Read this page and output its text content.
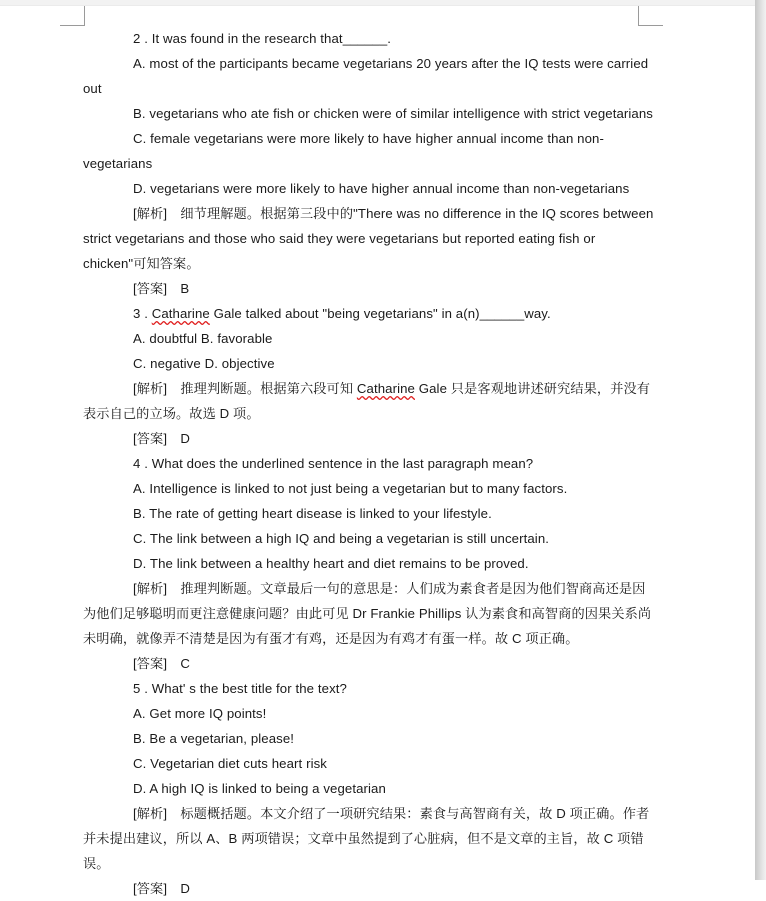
2 . It was found in the research that______.

A. most of the participants became vegetarians 20 years after the IQ tests were carried out

B. vegetarians who ate fish or chicken were of similar intelligence with strict vegetarians

C. female vegetarians were more likely to have higher annual income than non-vegetarians

D. vegetarians were more likely to have higher annual income than non-vegetarians

[解析]　细节理解题。根据第三段中的"There was no difference in the IQ scores between strict vegetarians and those who said they were vegetarians but reported eating fish or chicken"可知答案。

[答案]　B

3 . Catharine Gale talked about "being vegetarians" in a(n)______way.

A. doubtful B. favorable

C. negative D. objective

[解析]　推理判断题。根据第六段可知 Catharine Gale 只是客观地讲述研究结果，并没有表示自己的立场。故选 D 项。

[答案]　D

4 . What does the underlined sentence in the last paragraph mean?

A. Intelligence is linked to not just being a vegetarian but to many factors.

B. The rate of getting heart disease is linked to your lifestyle.

C. The link between a high IQ and being a vegetarian is still uncertain.

D. The link between a healthy heart and diet remains to be proved.

[解析]　推理判断题。文章最后一句的意思是：人们成为素食者是因为他们智商高还是因为他们足够聪明而更注意健康问题？由此可见 Dr Frankie Phillips 认为素食和高智商的因果关系尚未明确，就像弄不清楚是因为有蛋才有鸡，还是因为有鸡才有蛋一样。故 C 项正确。

[答案]　C

5 . What' s the best title for the text?

A. Get more IQ points!

B. Be a vegetarian, please!

C. Vegetarian diet cuts heart risk

D. A high IQ is linked to being a vegetarian

[解析]　标题概括题。本文介绍了一项研究结果：素食与高智商有关，故 D 项正确。作者并未提出建议，所以 A、B 两项错误；文章中虽然提到了心脏病，但不是文章的主旨，故 C 项错误。

[答案]　D
